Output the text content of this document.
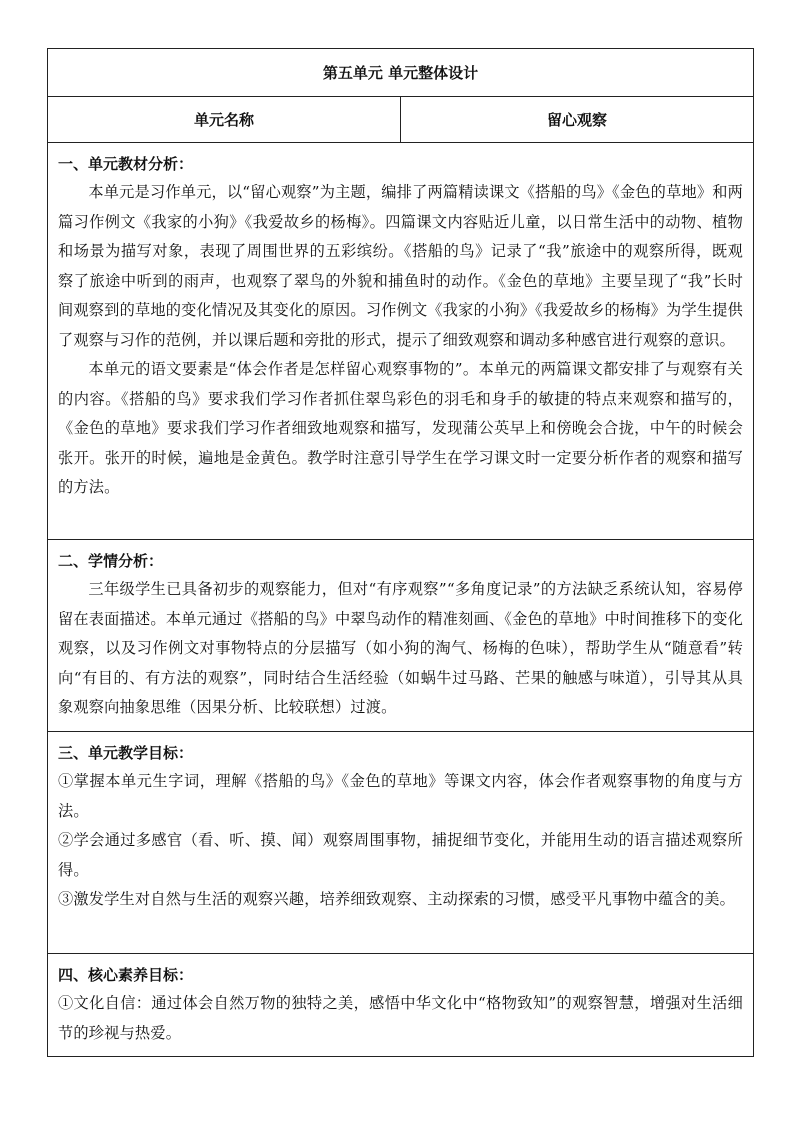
第五单元 单元整体设计
单元名称	留心观察

一、单元教材分析：

本单元是习作单元，以“留心观察”为主题，编排了两篇精读课文《搭船的鸟》《金色的草地》和两篇习作例文《我家的小狗》《我爱故乡的杨梅》。四篇课文内容贴近儿童，以日常生活中的动物、植物和场景为描写对象，表现了周围世界的五彩缤纷。《搭船的鸟》记录了“我”旅途中的观察所得，既观察了旅途中听到的雨声，也观察了翠鸟的外貌和捕鱼时的动作。《金色的草地》主要呈现了“我”长时间观察到的草地的变化情况及其变化的原因。习作例文《我家的小狗》《我爱故乡的杨梅》为学生提供了观察与习作的范例，并以课后题和旁批的形式，提示了细致观察和调动多种感官进行观察的意识。

本单元的语文要素是“体会作者是怎样留心观察事物的”。本单元的两篇课文都安排了与观察有关的内容。《搭船的鸟》要求我们学习作者抓住翠鸟彩色的羽毛和身手的敏捷的特点来观察和描写的，《金色的草地》要求我们学习作者细致地观察和描写，发现蒲公英早上和傍晚会合拢，中午的时候会张开。张开的时候，遍地是金黄色。教学时注意引导学生在学习课文时一定要分析作者的观察和描写的方法。

二、学情分析：

三年级学生已具备初步的观察能力，但对“有序观察”“多角度记录”的方法缺乏系统认知，容易停留在表面描述。本单元通过《搭船的鸟》中翠鸟动作的精准刻画、《金色的草地》中时间推移下的变化观察，以及习作例文对事物特点的分层描写（如小狗的淘气、杨梅的色味），帮助学生从“随意看”转向“有目的、有方法的观察”，同时结合生活经验（如蜗牛过马路、芒果的触感与味道），引导其从具象观察向抽象思维（因果分析、比较联想）过渡。

三、单元教学目标：

①掌握本单元生字词，理解《搭船的鸟》《金色的草地》等课文内容，体会作者观察事物的角度与方法。

②学会通过多感官（看、听、摸、闻）观察周围事物，捕捉细节变化，并能用生动的语言描述观察所得。

③激发学生对自然与生活的观察兴趣，培养细致观察、主动探索的习惯，感受平凡事物中蕴含的美。

四、核心素养目标：

①文化自信：通过体会自然万物的独特之美，感悟中华文化中“格物致知”的观察智慧，增强对生活细节的珍视与热爱。
